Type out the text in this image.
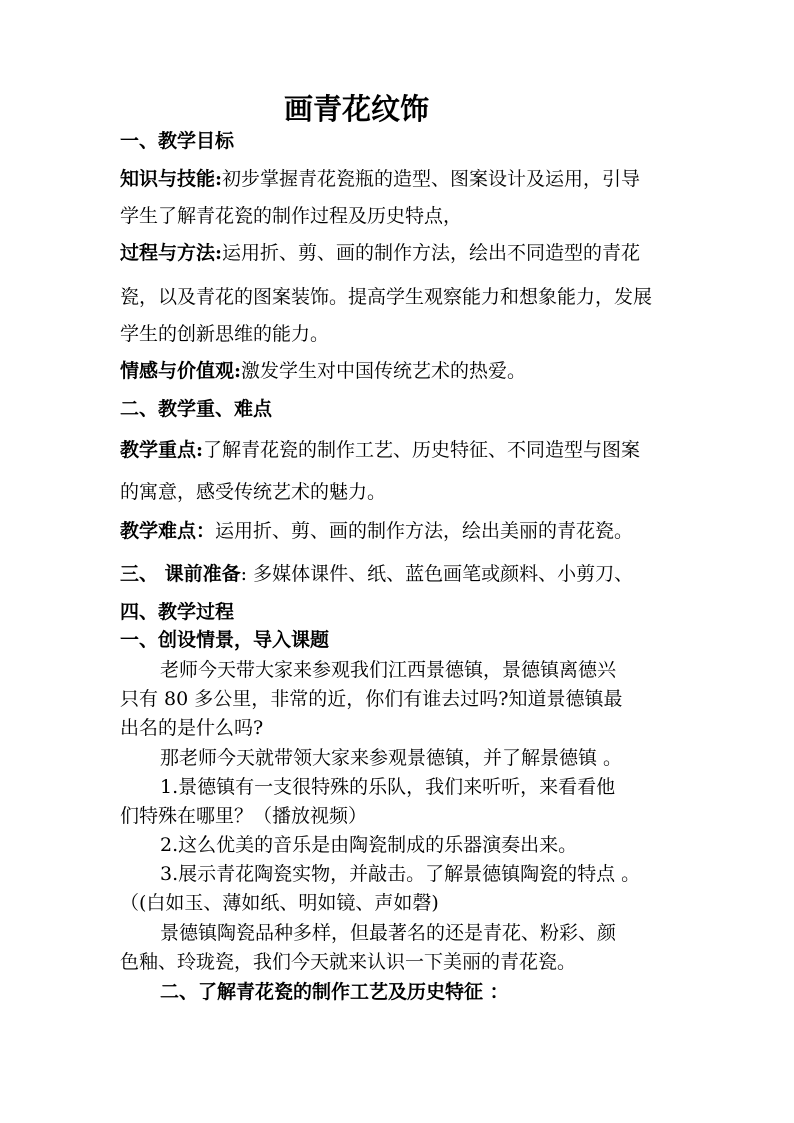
画青花纹饰
一、教学目标
知识与技能:初步掌握青花瓷瓶的造型、图案设计及运用，引导
学生了解青花瓷的制作过程及历史特点，
过程与方法:运用折、剪、画的制作方法，绘出不同造型的青花
瓷，以及青花的图案装饰。提高学生观察能力和想象能力，发展
学生的创新思维的能力。
情感与价值观:激发学生对中国传统艺术的热爱。
二、教学重、难点
教学重点:了解青花瓷的制作工艺、历史特征、不同造型与图案
的寓意，感受传统艺术的魅力。
教学难点：运用折、剪、画的制作方法，绘出美丽的青花瓷。
三、 课前准备: 多媒体课件、纸、蓝色画笔或颜料、小剪刀、
四、教学过程
一、创设情景，导入课题
老师今天带大家来参观我们江西景德镇，景德镇离德兴
只有 80 多公里，非常的近，你们有谁去过吗?知道景德镇最
出名的是什么吗?
那老师今天就带领大家来参观景德镇，并了解景德镇 。
1.景德镇有一支很特殊的乐队，我们来听听，来看看他
们特殊在哪里？（播放视频）
2.这么优美的音乐是由陶瓷制成的乐器演奏出来。
3.展示青花陶瓷实物，并敲击。了解景德镇陶瓷的特点 。
（(白如玉、薄如纸、明如镜、声如磬)
景德镇陶瓷品种多样，但最著名的还是青花、粉彩、颜
色釉、玲珑瓷，我们今天就来认识一下美丽的青花瓷。
二、了解青花瓷的制作工艺及历史特征 ：
